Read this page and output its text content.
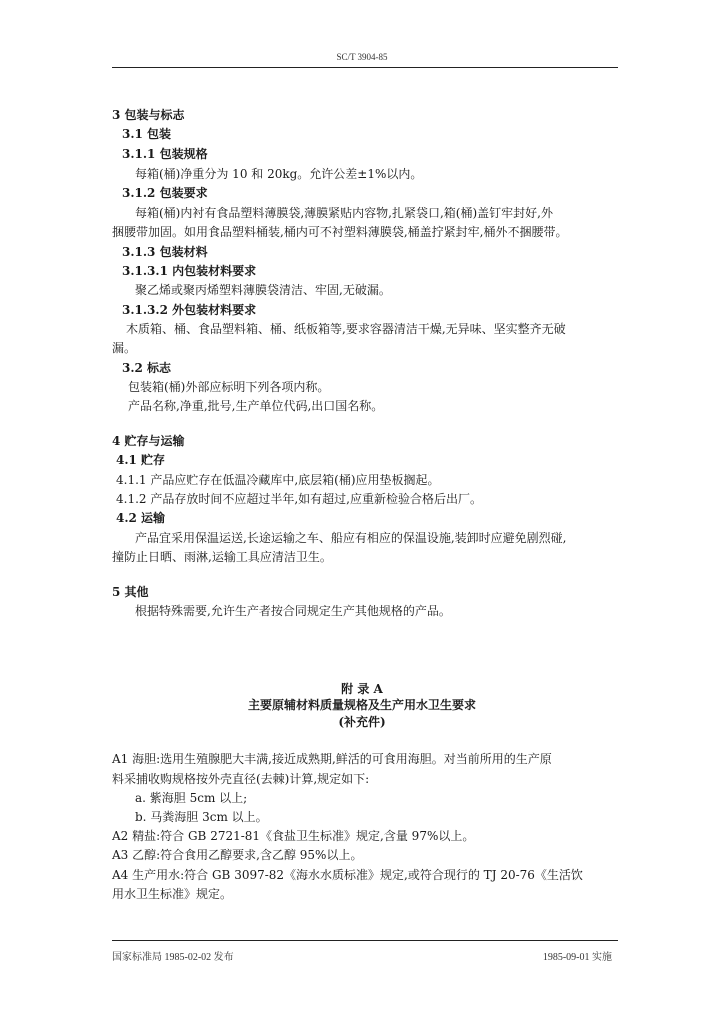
SC/T 3904-85
3 包装与标志
3.1 包装
3.1.1 包装规格
每箱(桶)净重分为 10 和 20kg。允许公差±1%以内。
3.1.2 包装要求
每箱(桶)内衬有食品塑料薄膜袋,薄膜紧贴内容物,扎紧袋口,箱(桶)盖钉牢封好,外
捆腰带加固。如用食品塑料桶装,桶内可不衬塑料薄膜袋,桶盖拧紧封牢,桶外不捆腰带。
3.1.3 包装材料
3.1.3.1 内包装材料要求
聚乙烯或聚丙烯塑料薄膜袋清洁、牢固,无破漏。
3.1.3.2 外包装材料要求
木质箱、桶、食品塑料箱、桶、纸板箱等,要求容器清洁干燥,无异味、坚实整齐无破
漏。
3.2 标志
包装箱(桶)外部应标明下列各项内称。
产品名称,净重,批号,生产单位代码,出口国名称。
4 贮存与运输
4.1 贮存
4.1.1 产品应贮存在低温冷藏库中,底层箱(桶)应用垫板搁起。
4.1.2 产品存放时间不应超过半年,如有超过,应重新检验合格后出厂。
4.2 运输
产品宜采用保温运送,长途运输之车、船应有相应的保温设施,装卸时应避免剧烈碰,
撞防止日晒、雨淋,运输工具应清洁卫生。
5 其他
根据特殊需要,允许生产者按合同规定生产其他规格的产品。
附 录 A
主要原辅材料质量规格及生产用水卫生要求
(补充件)
A1 海胆:选用生殖腺肥大丰满,接近成熟期,鲜活的可食用海胆。对当前所用的生产原
料采捕收购规格按外壳直径(去棘)计算,规定如下:
a. 紫海胆 5cm 以上;
b. 马粪海胆 3cm 以上。
A2 精盐:符合 GB 2721-81《食盐卫生标准》规定,含量 97%以上。
A3 乙醇:符合食用乙醇要求,含乙醇 95%以上。
A4 生产用水:符合 GB 3097-82《海水水质标准》规定,或符合现行的 TJ 20-76《生活饮
用水卫生标准》规定。
国家标准局 1985-02-02 发布	1985-09-01 实施
